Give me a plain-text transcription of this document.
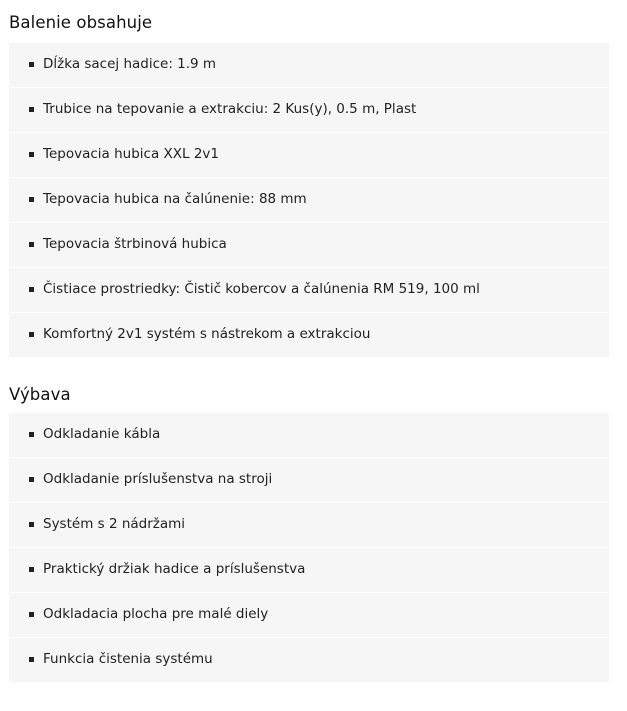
Balenie obsahuje
Dĺžka sacej hadice: 1.9 m
Trubice na tepovanie a extrakciu: 2 Kus(y), 0.5 m, Plast
Tepovacia hubica XXL 2v1
Tepovacia hubica na čalúnenie: 88 mm
Tepovacia štrbinová hubica
Čistiace prostriedky: Čistič kobercov a čalúnenia RM 519, 100 ml
Komfortný 2v1 systém s nástrekom a extrakciou
Výbava
Odkladanie kábla
Odkladanie príslušenstva na stroji
Systém s 2 nádržami
Praktický držiak hadice a príslušenstva
Odkladacia plocha pre malé diely
Funkcia čistenia systému
